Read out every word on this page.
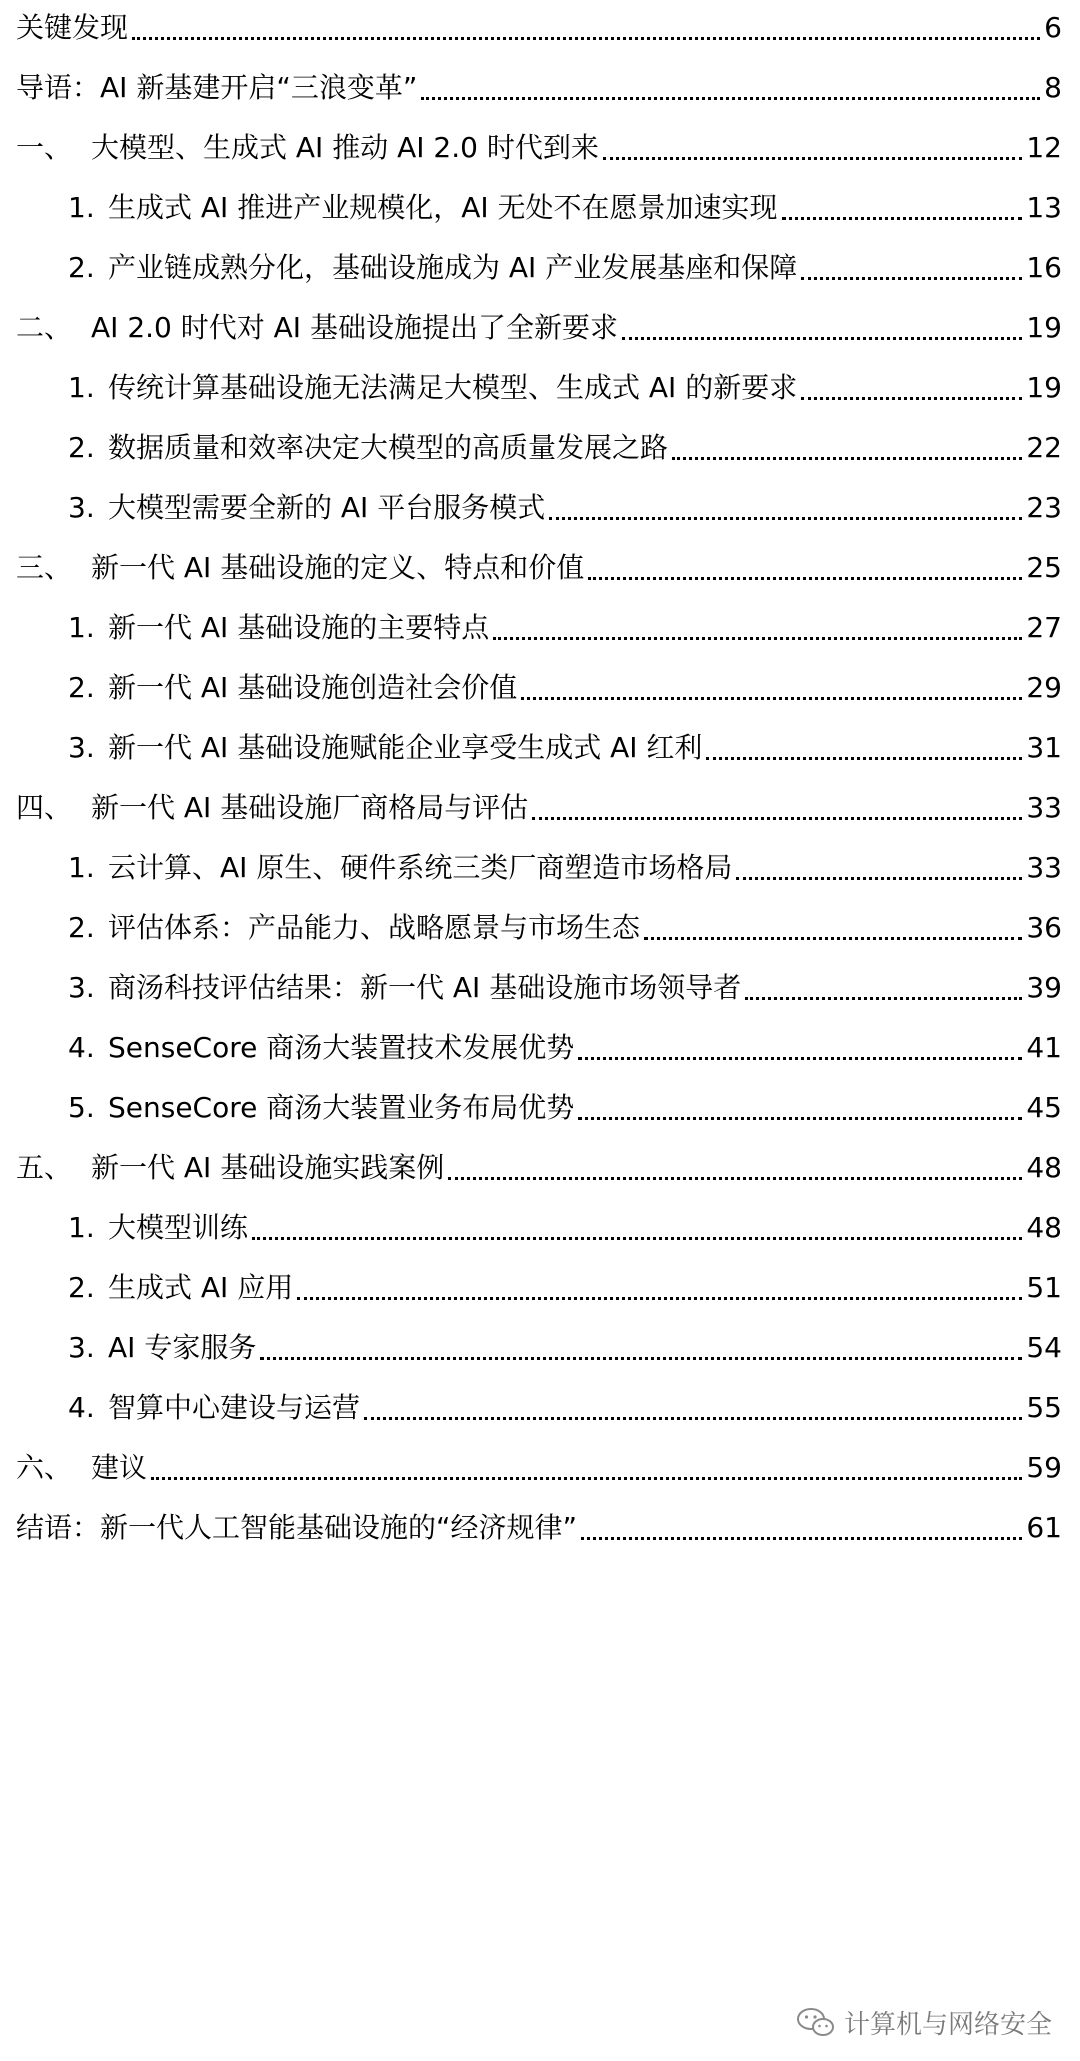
关键发现	6
导语：AI 新基建开启“三浪变革”	8
一、 大模型、生成式 AI 推动 AI 2.0 时代到来	12
1. 生成式 AI 推进产业规模化，AI 无处不在愿景加速实现	13
2. 产业链成熟分化，基础设施成为 AI 产业发展基座和保障	16
二、 AI 2.0 时代对 AI 基础设施提出了全新要求	19
1. 传统计算基础设施无法满足大模型、生成式 AI 的新要求	19
2. 数据质量和效率决定大模型的高质量发展之路	22
3. 大模型需要全新的 AI 平台服务模式	23
三、 新一代 AI 基础设施的定义、特点和价值	25
1. 新一代 AI 基础设施的主要特点	27
2. 新一代 AI 基础设施创造社会价值	29
3. 新一代 AI 基础设施赋能企业享受生成式 AI 红利	31
四、 新一代 AI 基础设施厂商格局与评估	33
1. 云计算、AI 原生、硬件系统三类厂商塑造市场格局	33
2. 评估体系：产品能力、战略愿景与市场生态	36
3. 商汤科技评估结果：新一代 AI 基础设施市场领导者	39
4. SenseCore 商汤大装置技术发展优势	41
5. SenseCore 商汤大装置业务布局优势	45
五、 新一代 AI 基础设施实践案例	48
1. 大模型训练	48
2. 生成式 AI 应用	51
3. AI 专家服务	54
4. 智算中心建设与运营	55
六、 建议	59
结语：新一代人工智能基础设施的“经济规律”	61
计算机与网络安全
